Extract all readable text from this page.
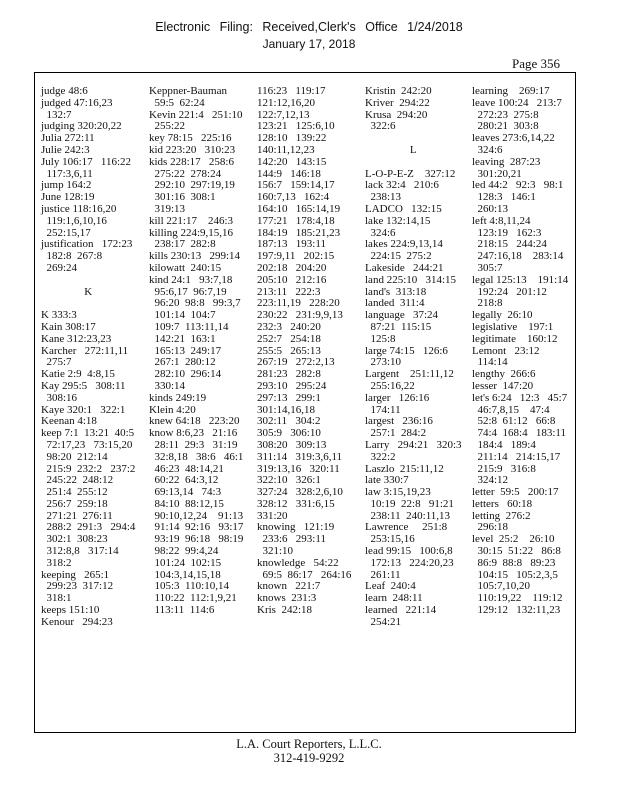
Electronic Filing: Received,Clerk's Office 1/24/2018
January 17, 2018
Page 356
judge 48:6
judged 47:16,23
132:7
judging 320:20,22
Julia 272:11
Julie 242:3
July 106:17   116:22
117:3,6,11
jump 164:2
June 128:19
justice 118:16,20
119:1,6,10,16
252:15,17
justification   172:23
182:8  267:8
269:24
K
K 333:3
Kain 308:17
Kane 312:23,23
Karcher   272:11,11
275:7
Katie 2:9  4:8,15
Kay 295:5   308:11
308:16
Kaye 320:1   322:1
Keenan 4:18
keep 7:1  13:21  40:5
72:17,23   73:15,20
98:20  212:14
215:9  232:2   237:2
245:22  248:12
251:4  255:12
256:7  259:18
271:21  276:11
288:2  291:3   294:4
302:1  308:23
312:8,8   317:14
318:2
keeping   265:1
299:23  317:12
318:1
keeps 151:10
Kenour   294:23
Keppner-Bauman
59:5  62:24
Kevin 221:4   251:10
255:22
key 78:15   225:16
kid 223:20   310:23
kids 228:17   258:6
275:22  278:24
292:10  297:19,19
301:16  308:1
319:13
kill 221:17    246:3
killing 224:9,15,16
238:17  282:8
kills 230:13   299:14
kilowatt  240:15
kind 24:1   93:7,18
95:6,17  96:7,19
96:20  98:8   99:3,7
101:14  104:7
109:7  113:11,14
142:21  163:1
165:13  249:17
267:1  280:12
282:10  296:14
330:14
kinds 249:19
Klein 4:20
knew 64:18   223:20
know 8:6,23   21:16
28:11  29:3   31:19
32:8,18   38:6   46:1
46:23  48:14,21
60:22  64:3,12
69:13,14   74:3
84:10  88:12,15
90:10,12,24    91:13
91:14  92:16   93:17
93:19  96:18   98:19
98:22  99:4,24
101:24  102:15
104:3,14,15,18
105:3  110:10,14
110:22  112:1,9,21
113:11  114:6
116:23   119:17
121:12,16,20
122:7,12,13
123:21   125:6,10
128:10   139:22
140:11,12,23
142:20   143:15
144:9   146:18
156:7   159:14,17
160:7,13   162:4
164:10   165:14,19
177:21   178:4,18
184:19   185:21,23
187:13   193:11
197:9,11   202:15
202:18   204:20
205:10   212:16
213:11   222:3
223:11,19   228:20
230:22   231:9,9,13
232:3   240:20
252:7   254:18
255:5   265:13
267:19   272:2,13
281:23   282:8
293:10   295:24
297:13   299:1
301:14,16,18
302:11   304:2
305:9   306:10
308:20   309:13
311:14   319:3,6,11
319:13,16   320:11
322:10   326:1
327:24   328:2,6,10
328:12   331:6,15
331:20
knowing   121:19
233:6   293:11
321:10
knowledge   54:22
69:5  86:17   264:16
known   221:7
knows  231:3
Kris  242:18
Kristin  242:20
Kriver  294:22
Krusa  294:20
322:6
L
L-O-P-E-Z    327:12
lack 32:4   210:6
238:13
LADCO   132:15
lake 132:14,15
324:6
lakes 224:9,13,14
224:15  275:2
Lakeside   244:21
land 225:10   314:15
land's  313:18
landed  311:4
language   37:24
87:21  115:15
125:8
large 74:15   126:6
273:10
Largent    251:11,12
255:16,22
larger   126:16
174:11
largest   236:16
257:1  284:2
Larry   294:21   320:3
322:2
Laszlo  215:11,12
late 330:7
law 3:15,19,23
10:19  22:8   91:21
238:11  240:11,13
Lawrence     251:8
253:15,16
lead 99:15   100:6,8
172:13   224:20,23
261:11
Leaf  240:4
learn  248:11
learned   221:14
254:21
learning    269:17
leave 100:24   213:7
272:23  275:8
280:21  303:8
leaves 273:6,14,22
324:6
leaving  287:23
301:20,21
led 44:2   92:3   98:1
128:3   146:1
260:13
left 4:8,11,24
123:19   162:3
218:15   244:24
247:16,18    283:14
305:7
legal 125:13    191:14
192:24   201:12
218:8
legally  26:10
legislative    197:1
legitimate    160:12
Lemont   23:12
114:14
lengthy  266:6
lesser  147:20
let's 6:24   12:3   45:7
46:7,8,15    47:4
52:8  61:12   66:8
74:4  168:4   183:11
184:4   189:4
211:14   214:15,17
215:9   316:8
324:12
letter  59:5   200:17
letters   60:18
letting  276:2
296:18
level  25:2    26:10
30:15  51:22   86:8
86:9  88:8   89:23
104:15   105:2,3,5
105:7,10,20
110:19,22    119:12
129:12   132:11,23
L.A. Court Reporters, L.L.C.
312-419-9292
